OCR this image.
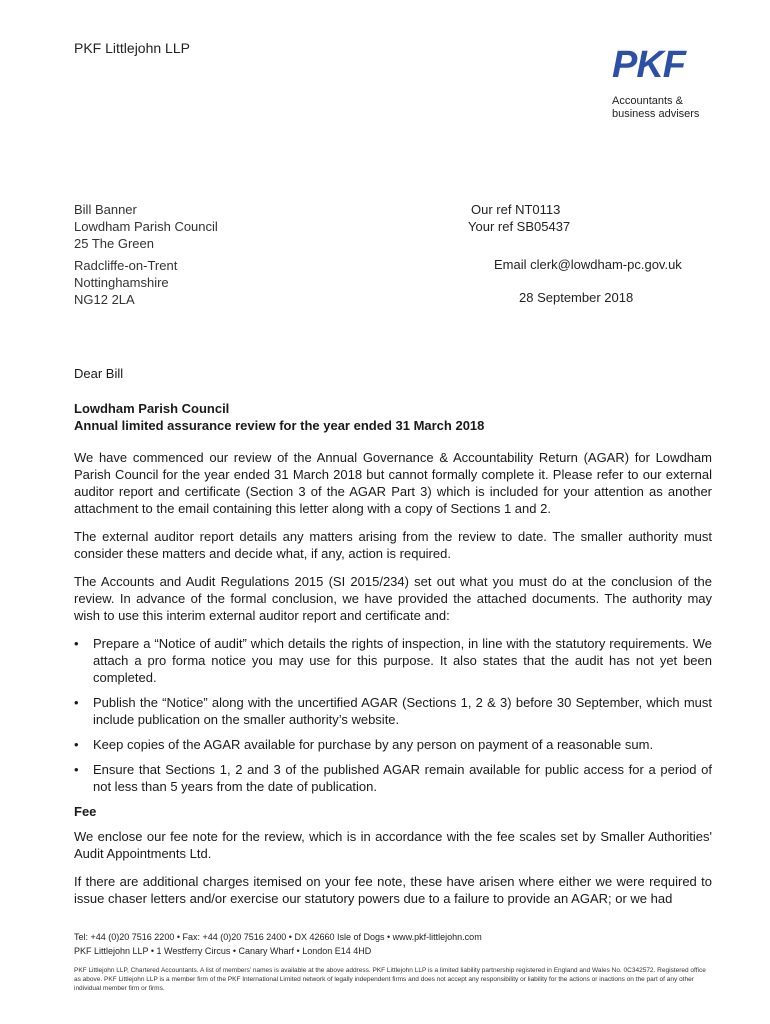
PKF Littlejohn LLP	PKF
Accountants &
business advisers
Bill Banner
Lowdham Parish Council
25 The Green
Radcliffe-on-Trent
Nottinghamshire
NG12 2LA
Our ref NT0113
Your ref SB05437
Email clerk@lowdham-pc.gov.uk
28 September 2018
Dear Bill
Lowdham Parish Council
Annual limited assurance review for the year ended 31 March 2018

We have commenced our review of the Annual Governance & Accountability Return (AGAR) for Lowdham Parish Council for the year ended 31 March 2018 but cannot formally complete it. Please refer to our external auditor report and certificate (Section 3 of the AGAR Part 3) which is included for your attention as another attachment to the email containing this letter along with a copy of Sections 1 and 2.

The external auditor report details any matters arising from the review to date. The smaller authority must consider these matters and decide what, if any, action is required.

The Accounts and Audit Regulations 2015 (SI 2015/234) set out what you must do at the conclusion of the review. In advance of the formal conclusion, we have provided the attached documents. The authority may wish to use this interim external auditor report and certificate and:

• Prepare a “Notice of audit” which details the rights of inspection, in line with the statutory requirements. We attach a pro forma notice you may use for this purpose. It also states that the audit has not yet been completed.
• Publish the “Notice” along with the uncertified AGAR (Sections 1, 2 & 3) before 30 September, which must include publication on the smaller authority’s website.
• Keep copies of the AGAR available for purchase by any person on payment of a reasonable sum.
• Ensure that Sections 1, 2 and 3 of the published AGAR remain available for public access for a period of not less than 5 years from the date of publication.
Fee

We enclose our fee note for the review, which is in accordance with the fee scales set by Smaller Authorities' Audit Appointments Ltd.

If there are additional charges itemised on your fee note, these have arisen where either we were required to issue chaser letters and/or exercise our statutory powers due to a failure to provide an AGAR; or we had

Tel: +44 (0)20 7516 2200 • Fax: +44 (0)20 7516 2400 • DX 42660 Isle of Dogs • www.pkf-littlejohn.com
PKF Littlejohn LLP • 1 Westferry Circus • Canary Wharf • London E14 4HD
PKF Littlejohn LLP, Chartered Accountants. A list of members’ names is available at the above address. PKF Littlejohn LLP is a limited liability partnership registered in England and Wales No. 0C342572. Registered office as above. PKF Littlejohn LLP is a member firm of the PKF International Limited network of legally independent firms and does not accept any responsibility or liability for the actions or inactions on the part of any other individual member firm or firms.
